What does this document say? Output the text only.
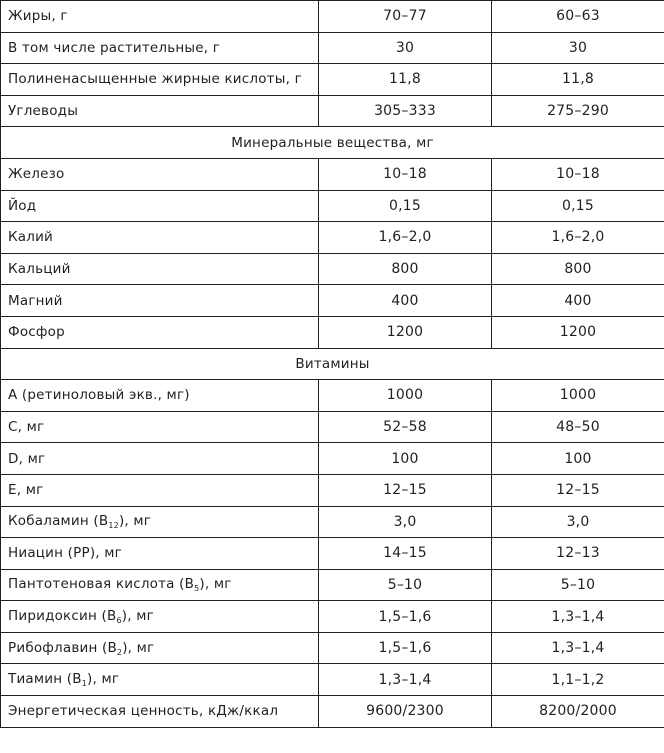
Жиры, г	70–77	60–63
В том числе растительные, г	30	30
Полиненасыщенные жирные кислоты, г	11,8	11,8
Углеводы	305–333	275–290
Минеральные вещества, мг		
Железо	10–18	10–18
Йод	0,15	0,15
Калий	1,6–2,0	1,6–2,0
Кальций	800	800
Магний	400	400
Фосфор	1200	1200
Витамины		
A (ретиноловый экв., мг)	1000	1000
C, мг	52–58	48–50
D, мг	100	100
E, мг	12–15	12–15
Кобаламин $(B_{12})$, мг	3,0	3,0
Ниацин (PP), мг	14–15	12–13
Пантотеновая кислота $(B_5)$, мг	5–10	5–10
Пиридоксин $(B_6)$, мг	1,5–1,6	1,3–1,4
Рибофлавин $(B_2)$, мг	1,5–1,6	1,3–1,4
Тиамин $(B_1)$, мг	1,3–1,4	1,1–1,2
Энергетическая ценность, кДж/ккал	9600/2300	8200/2000
